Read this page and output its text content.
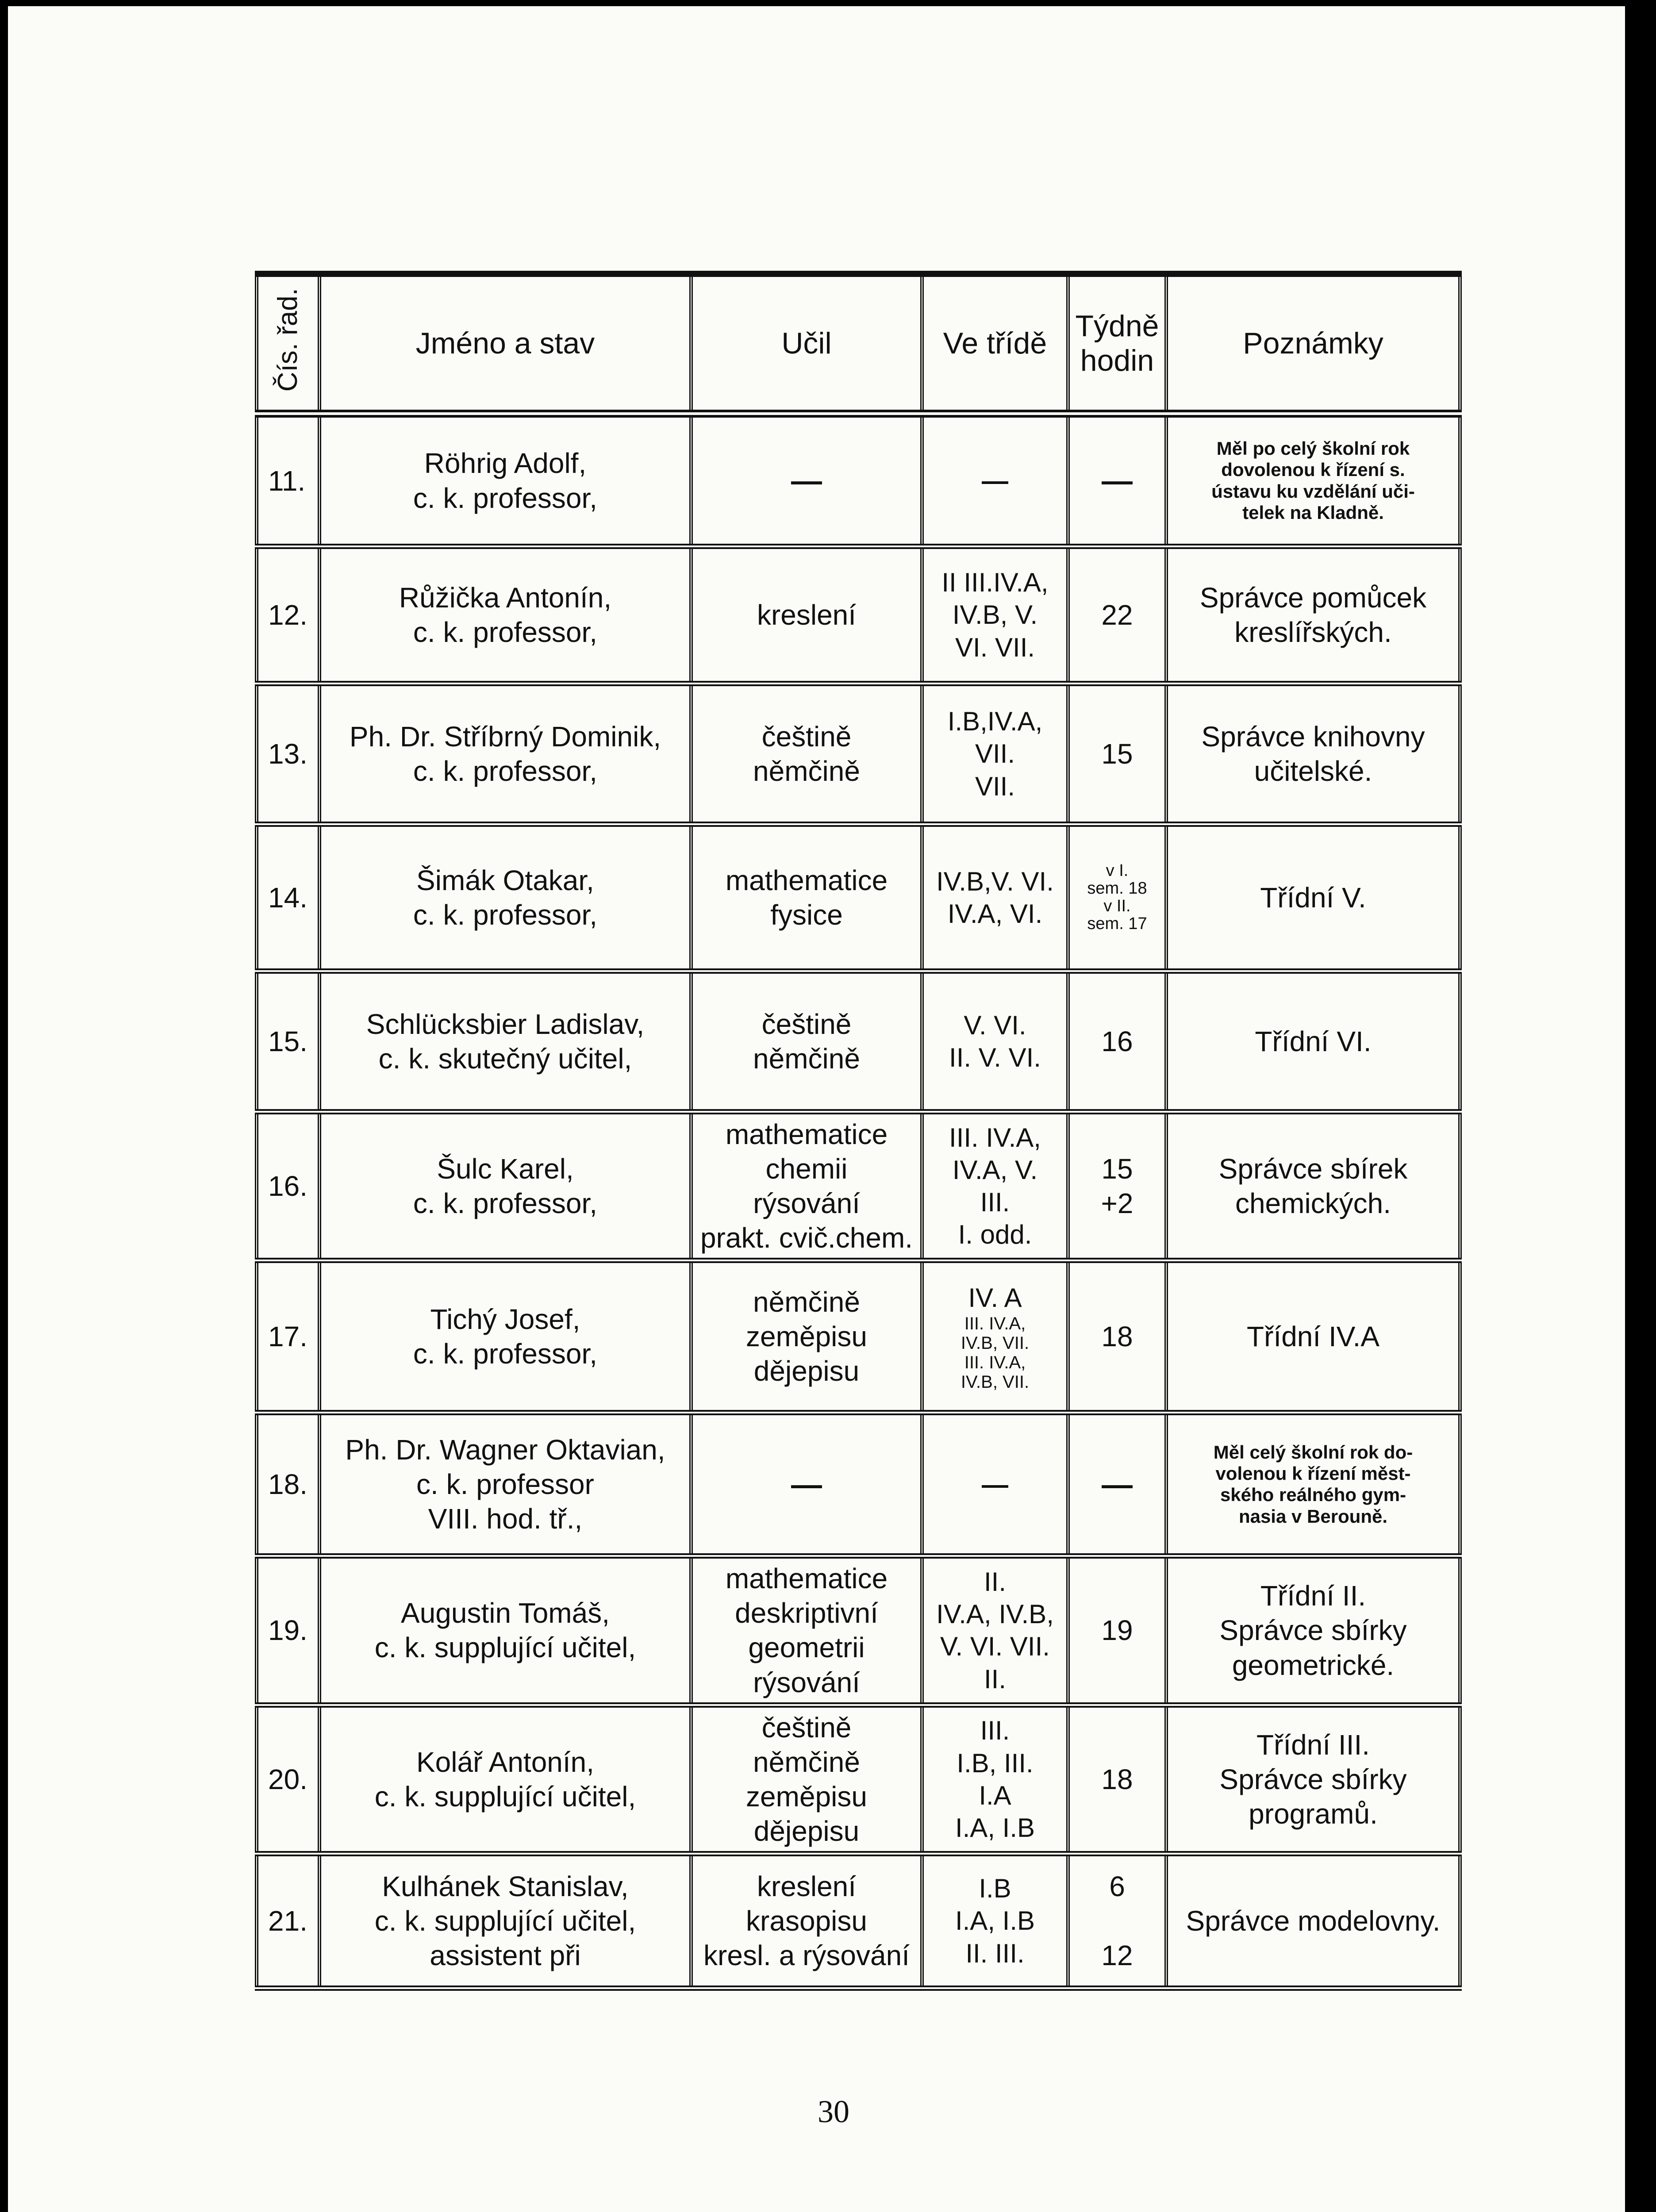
Čís. řad.	Jméno a stav	Učil	Ve třídě	Týdně hodin	Poznámky
11.	Röhrig Adolf,
c. k. professor,	—	—	—	Měl po celý školní rok
dovolenou k řízení s.
ústavu ku vzdělání uči-
telek na Kladně.

12.	Růžička Antonín,
c. k. professor,	kreslení	II III.IV.A,
IV.B, V.
VI. VII.	22	Správce pomůcek
kreslířských.

13.	Ph. Dr. Stříbrný Dominik,
c. k. professor,	češtině
němčině	I.B,IV.A,
VII.
VII.	15	Správce knihovny
učitelské.

14.	Šimák Otakar,
c. k. professor,	mathematice
fysice	IV.B,V. VI.
IV.A, VI.	v I.
sem. 18
v II.
sem. 17	Třídní V.

15.	Schlücksbier Ladislav,
c. k. skutečný učitel,	češtině
němčině	V. VI.
II. V. VI.	16	Třídní VI.

16.	Šulc Karel,
c. k. professor,	mathematice
chemii
rýsování
prakt. cvič.chem.	III. IV.A,
IV.A, V.
III.
I. odd.	15
+2	Správce sbírek
chemických.

17.	Tichý Josef,
c. k. professor,	němčině
zeměpisu
dějepisu	IV. A
III. IV.A,
IV.B, VII.
III. IV.A,
IV.B, VII.	18	Třídní IV.A

18.	Ph. Dr. Wagner Oktavian,
c. k. professor
VIII. hod. tř.,	—	—	—	Měl celý školní rok do-
volenou k řízení měst-
ského reálného gym-
nasia v Berouně.

19.	Augustin Tomáš,
c. k. supplující učitel,	mathematice
deskriptivní
geometrii
rýsování	II.
IV.A, IV.B,
V. VI. VII.
II.	19	Třídní II.
Správce sbírky
geometrické.

20.	Kolář Antonín,
c. k. supplující učitel,	češtině
němčině
zeměpisu
dějepisu	III.
I.B, III.
I.A
I.A, I.B	18	Třídní III.
Správce sbírky
programů.

21.	Kulhánek Stanislav,
c. k. supplující učitel,
assistent při	kreslení
krasopisu
kresl. a rýsování	I.B
I.A, I.B
II. III.	6

12	Správce modelovny.
30
